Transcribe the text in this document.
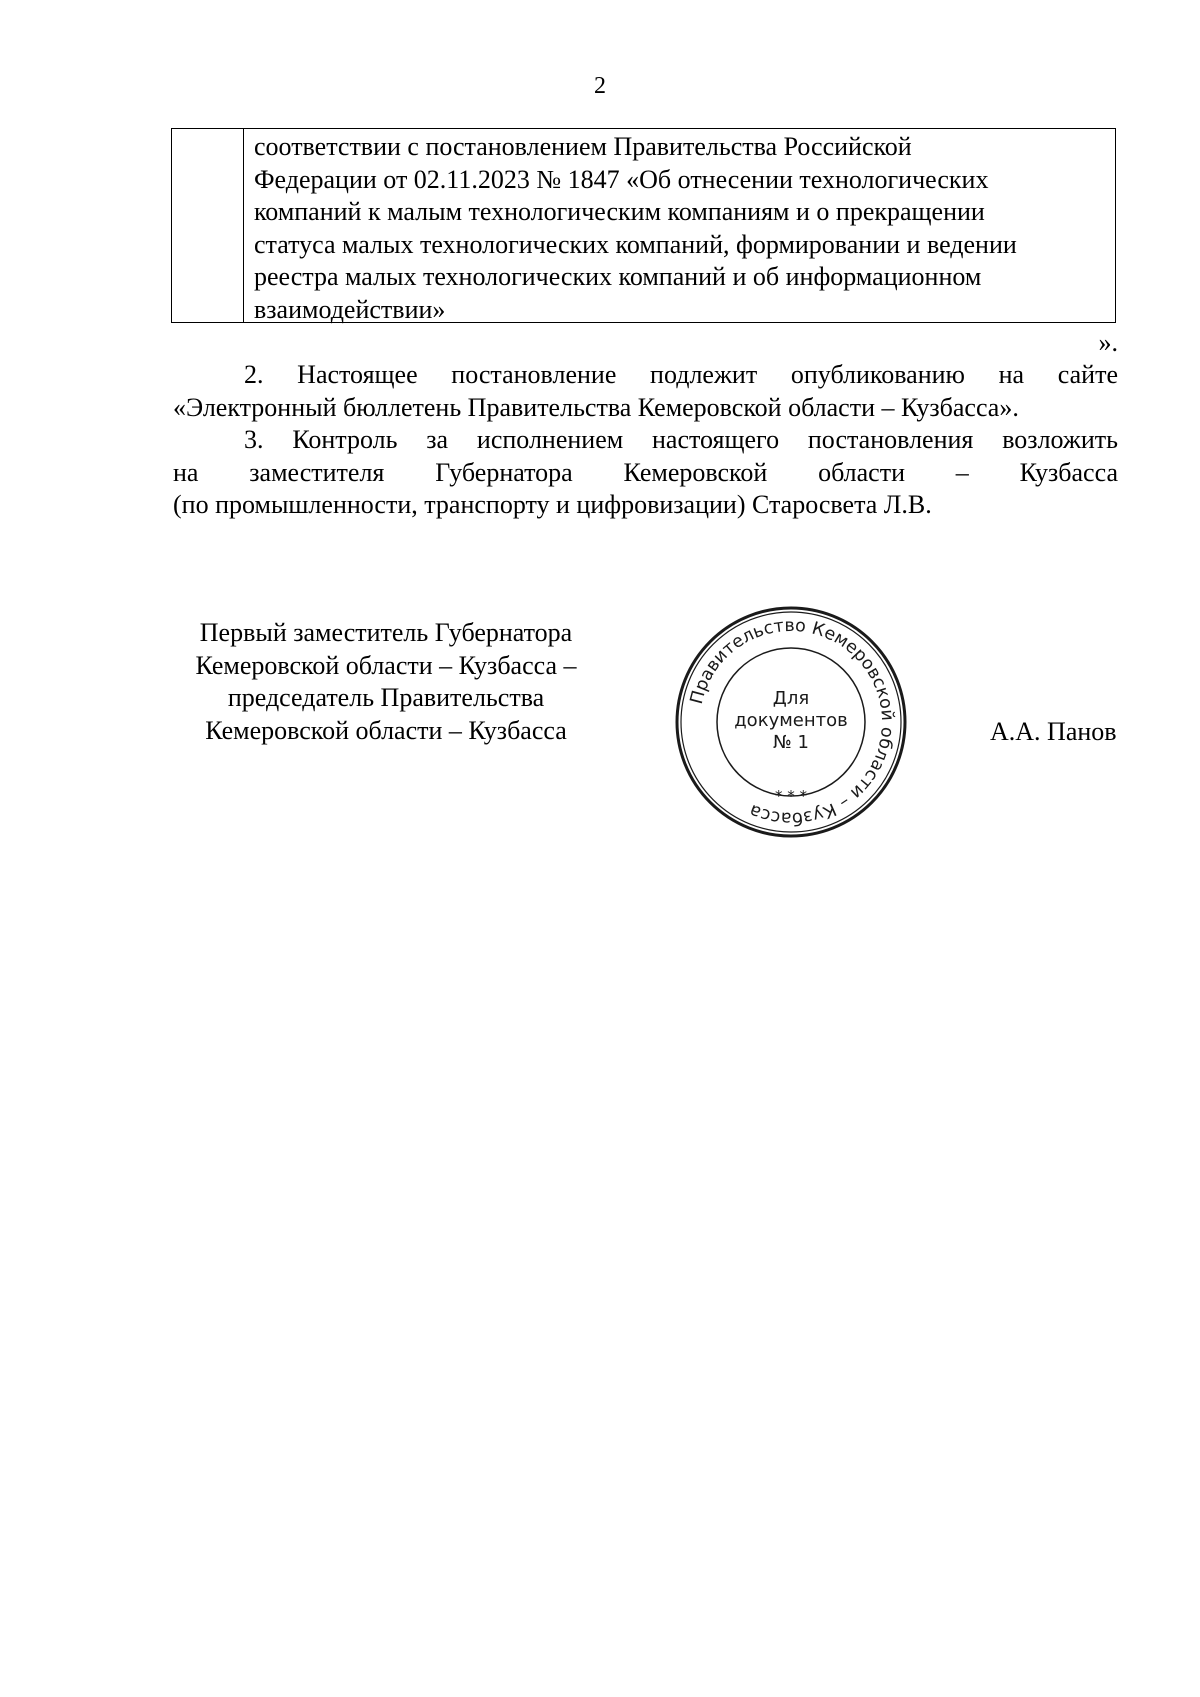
2
соответствии с постановлением Правительства Российской
Федерации от 02.11.2023 № 1847 «Об отнесении технологических
компаний к малым технологическим компаниям и о прекращении
статуса малых технологических компаний, формировании и ведении
реестра малых технологических компаний и об информационном
взаимодействии»
».
2. Настоящее постановление подлежит опубликованию на сайте
«Электронный бюллетень Правительства Кемеровской области – Кузбасса».
3. Контроль за исполнением настоящего постановления возложить
на заместителя Губернатора Кемеровской области – Кузбасса
(по промышленности, транспорту и цифровизации) Старосвета Л.В.
Первый заместитель Губернатора
Кемеровской области – Кузбасса –
председатель Правительства
Кемеровской области – Кузбасса
Правительство Кемеровской области – Кузбасса
* * *
Для
документов
№ 1	А.А. Панов
